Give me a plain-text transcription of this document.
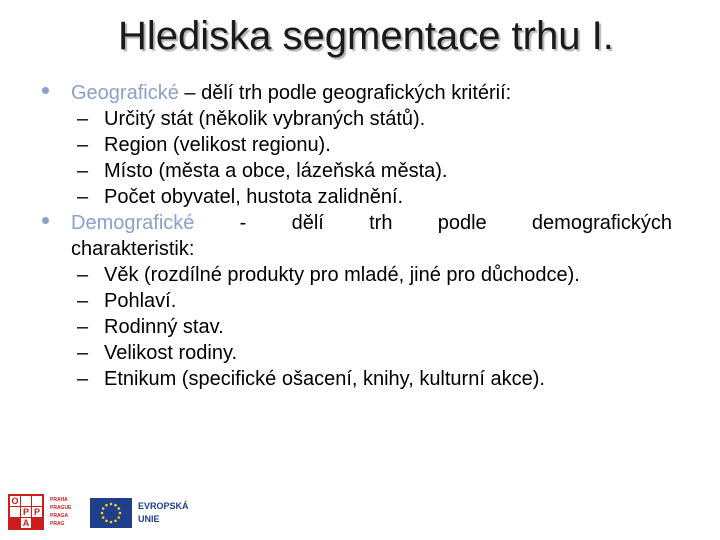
Hlediska segmentace trhu I.
Geografické – dělí trh podle geografických kritérií:
– Určitý stát (několik vybraných států).
– Region (velikost regionu).
– Místo (města a obce, lázeňská města).
– Počet obyvatel, hustota zalidnění.
Demografické - dělí trh podle demografických
charakteristik:
– Věk (rozdílné produkty pro mladé, jiné pro důchodce).
– Pohlaví.
– Rodinný stav.
– Velikost rodiny.
– Etnikum (specifické ošacení, knihy, kulturní akce).
O
P P
A
PRAHA
PRAGUE
PRAGA
PRAG
EVROPSKÁ
UNIE
